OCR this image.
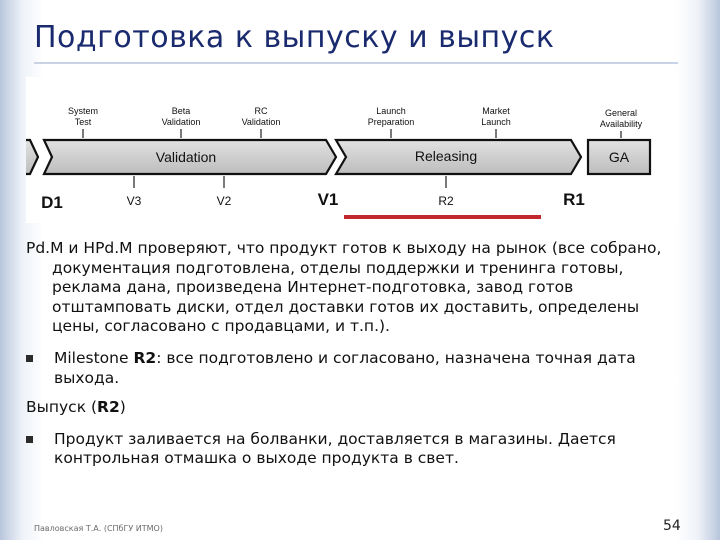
Подготовка к выпуску и выпуск
System
Test
Beta
Validation
RC
Validation
Launch
Preparation
Market
Launch
General
Availability
Validation	Releasing	GA
D1	V3	V2	V1	R2	R1

Pd.M и HPd.M проверяют, что продукт готов к выходу на рынок (все собрано, документация подготовлена, отделы поддержки и тренинга готовы, реклама дана, произведена Интернет-подготовка, завод готов отштамповать диски, отдел доставки готов их доставить, определены цены, согласовано с продавцами, и т.п.).

Milestone R2: все подготовлено и согласовано, назначена точная дата выхода.

Выпуск (R2)

Продукт заливается на болванки, доставляется в магазины. Дается контрольная отмашка о выходе продукта в свет.
Павловская Т.А. (СПбГУ ИТМО)	54
